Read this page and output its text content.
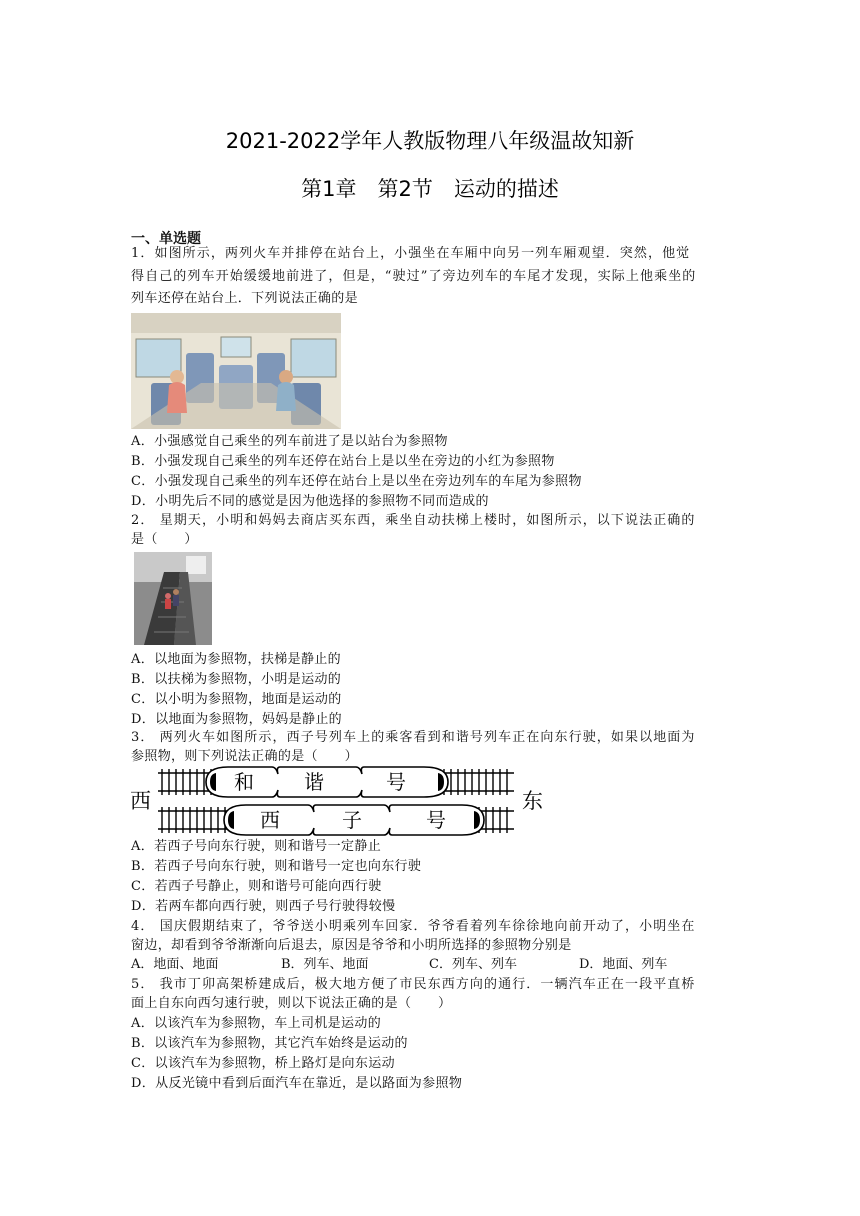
2021-2022学年人教版物理八年级温故知新
第1章　第2节　运动的描述
一、单选题
1．如图所示，两列火车并排停在站台上，小强坐在车厢中向另一列车厢观望．突然，他觉
得自己的列车开始缓缓地前进了，但是，“驶过”了旁边列车的车尾才发现，实际上他乘坐的
列车还停在站台上．下列说法正确的是
A．小强感觉自己乘坐的列车前进了是以站台为参照物
B．小强发现自己乘坐的列车还停在站台上是以坐在旁边的小红为参照物
C．小强发现自己乘坐的列车还停在站台上是以坐在旁边列车的车尾为参照物
D．小明先后不同的感觉是因为他选择的参照物不同而造成的
2． 星期天，小明和妈妈去商店买东西，乘坐自动扶梯上楼时，如图所示，以下说法正确的
是（　　）
A．以地面为参照物，扶梯是静止的
B．以扶梯为参照物，小明是运动的
C．以小明为参照物，地面是运动的
D．以地面为参照物，妈妈是静止的
3． 两列火车如图所示，西子号列车上的乘客看到和谐号列车正在向东行驶，如果以地面为
参照物，则下列说法正确的是（　　）
和	谐	号
西	子	号
西	东
A．若西子号向东行驶，则和谐号一定静止
B．若西子号向东行驶，则和谐号一定也向东行驶
C．若西子号静止，则和谐号可能向西行驶
D．若两车都向西行驶，则西子号行驶得较慢
4． 国庆假期结束了，爷爷送小明乘列车回家．爷爷看着列车徐徐地向前开动了，小明坐在
窗边，却看到爷爷渐渐向后退去，原因是爷爷和小明所选择的参照物分别是
A．地面、地面	B．列车、地面	C．列车、列车	D．地面、列车
5． 我市丁卯高架桥建成后，极大地方便了市民东西方向的通行．一辆汽车正在一段平直桥
面上自东向西匀速行驶，则以下说法正确的是（　　）
A．以该汽车为参照物，车上司机是运动的
B．以该汽车为参照物，其它汽车始终是运动的
C．以该汽车为参照物，桥上路灯是向东运动
D．从反光镜中看到后面汽车在靠近，是以路面为参照物
